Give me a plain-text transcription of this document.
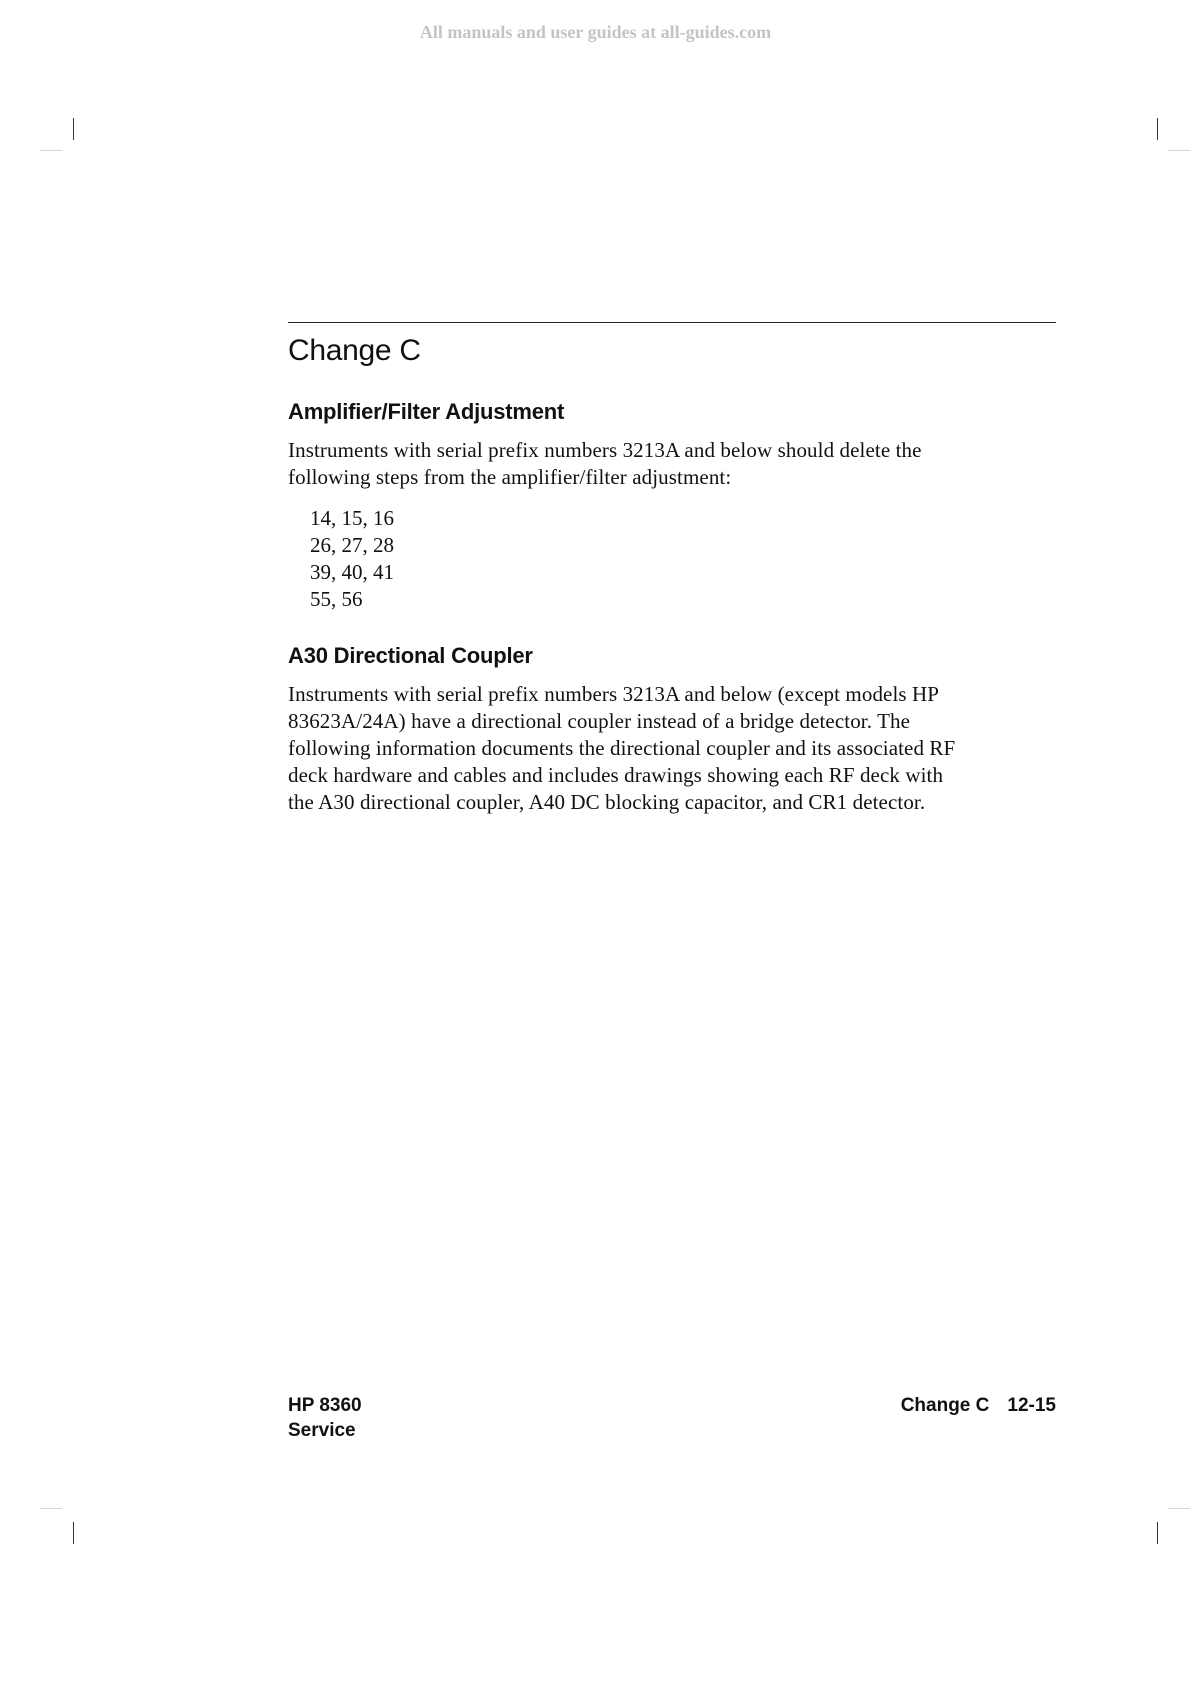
All manuals and user guides at all-guides.com
Change C
Amplifier/Filter Adjustment

Instruments with serial prefix numbers 3213A and below should delete the
following steps from the amplifier/filter adjustment:

14, 15, 16
26, 27, 28
39, 40, 41
55, 56
A30 Directional Coupler

Instruments with serial prefix numbers 3213A and below (except models HP
83623A/24A) have a directional coupler instead of a bridge detector. The
following information documents the directional coupler and its associated RF
deck hardware and cables and includes drawings showing each RF deck with
the A30 directional coupler, A40 DC blocking capacitor, and CR1 detector.

HP 8360
Service
Change C 12-15
